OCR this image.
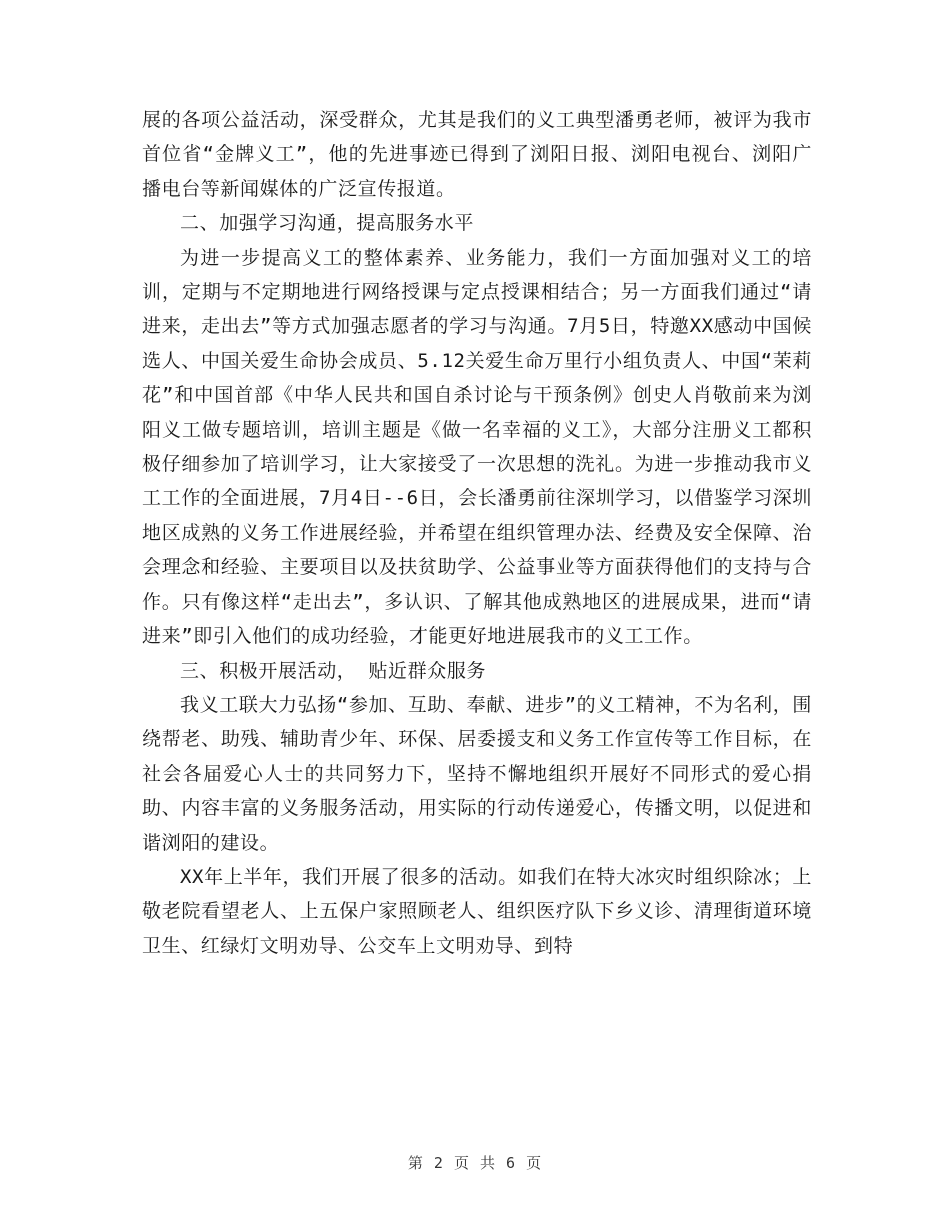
展的各项公益活动，深受群众，尤其是我们的义工典型潘勇老师，被评为我市首位省“金牌义工”，他的先进事迹已得到了浏阳日报、浏阳电视台、浏阳广播电台等新闻媒体的广泛宣传报道。

二、加强学习沟通，提高服务水平

为进一步提高义工的整体素养、业务能力，我们一方面加强对义工的培训，定期与不定期地进行网络授课与定点授课相结合；另一方面我们通过“请进来，走出去”等方式加强志愿者的学习与沟通。7月5日，特邀XX感动中国候选人、中国关爱生命协会成员、5.12关爱生命万里行小组负责人、中国“茉莉花”和中国首部《中华人民共和国自杀讨论与干预条例》创史人肖敬前来为浏阳义工做专题培训，培训主题是《做一名幸福的义工》，大部分注册义工都积极仔细参加了培训学习，让大家接受了一次思想的洗礼。为进一步推动我市义工工作的全面进展，7月4日--6日，会长潘勇前往深圳学习，以借鉴学习深圳地区成熟的义务工作进展经验，并希望在组织管理办法、经费及安全保障、治会理念和经验、主要项目以及扶贫助学、公益事业等方面获得他们的支持与合作。只有像这样“走出去”，多认识、了解其他成熟地区的进展成果，进而“请进来”即引入他们的成功经验，才能更好地进展我市的义工工作。

三、积极开展活动， 贴近群众服务

我义工联大力弘扬“参加、互助、奉献、进步”的义工精神，不为名利，围绕帮老、助残、辅助青少年、环保、居委援支和义务工作宣传等工作目标，在社会各届爱心人士的共同努力下，坚持不懈地组织开展好不同形式的爱心捐助、内容丰富的义务服务活动，用实际的行动传递爱心，传播文明，以促进和谐浏阳的建设。

XX年上半年，我们开展了很多的活动。如我们在特大冰灾时组织除冰；上敬老院看望老人、上五保户家照顾老人、组织医疗队下乡义诊、清理街道环境卫生、红绿灯文明劝导、公交车上文明劝导、到特

第 2 页 共 6 页
